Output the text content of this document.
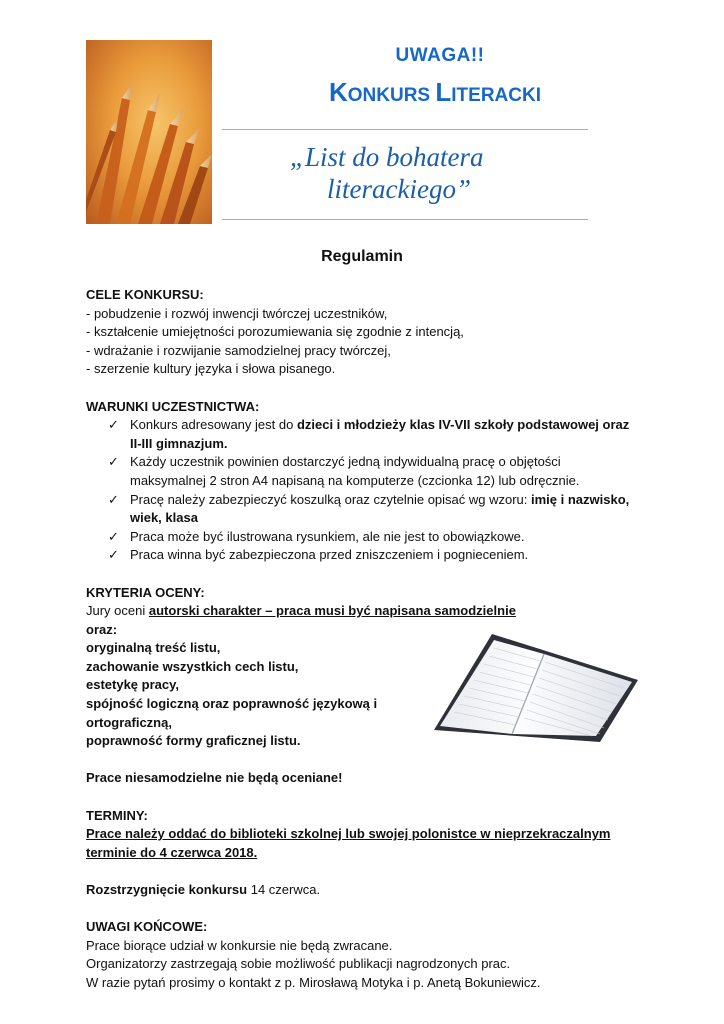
UWAGA!!
KONKURS LITERACKI
„List do bohatera
literackiego”
Regulamin

CELE KONKURSU:

- pobudzenie i rozwój inwencji twórczej uczestników,

- kształcenie umiejętności porozumiewania się zgodnie z intencją,

- wdrażanie i rozwijanie samodzielnej pracy twórczej,

- szerzenie kultury języka i słowa pisanego.

WARUNKI UCZESTNICTWA:

✓ Konkurs adresowany jest do dzieci i młodzieży klas IV-VII szkoły podstawowej oraz
II-III gimnazjum.
✓ Każdy uczestnik powinien dostarczyć jedną indywidualną pracę o objętości
maksymalnej 2 stron A4 napisaną na komputerze (czcionka 12) lub odręcznie.
✓ Pracę należy zabezpieczyć koszulką oraz czytelnie opisać wg wzoru: imię i nazwisko,
wiek, klasa
✓ Praca może być ilustrowana rysunkiem, ale nie jest to obowiązkowe.
✓ Praca winna być zabezpieczona przed zniszczeniem i pognieceniem.

KRYTERIA OCENY:

Jury oceni autorski charakter – praca musi być napisana samodzielnie

oraz:

oryginalną treść listu,

zachowanie wszystkich cech listu,

estetykę pracy,

spójność logiczną oraz poprawność językową i

ortograficzną,

poprawność formy graficznej listu.

Prace niesamodzielne nie będą oceniane!

TERMINY:

Prace należy oddać do biblioteki szkolnej lub swojej polonistce w nieprzekraczalnym

terminie do 4 czerwca 2018.

Rozstrzygnięcie konkursu 14 czerwca.

UWAGI KOŃCOWE:

Prace biorące udział w konkursie nie będą zwracane.

Organizatorzy zastrzegają sobie możliwość publikacji nagrodzonych prac.

W razie pytań prosimy o kontakt z p. Mirosławą Motyka i p. Anetą Bokuniewicz.
